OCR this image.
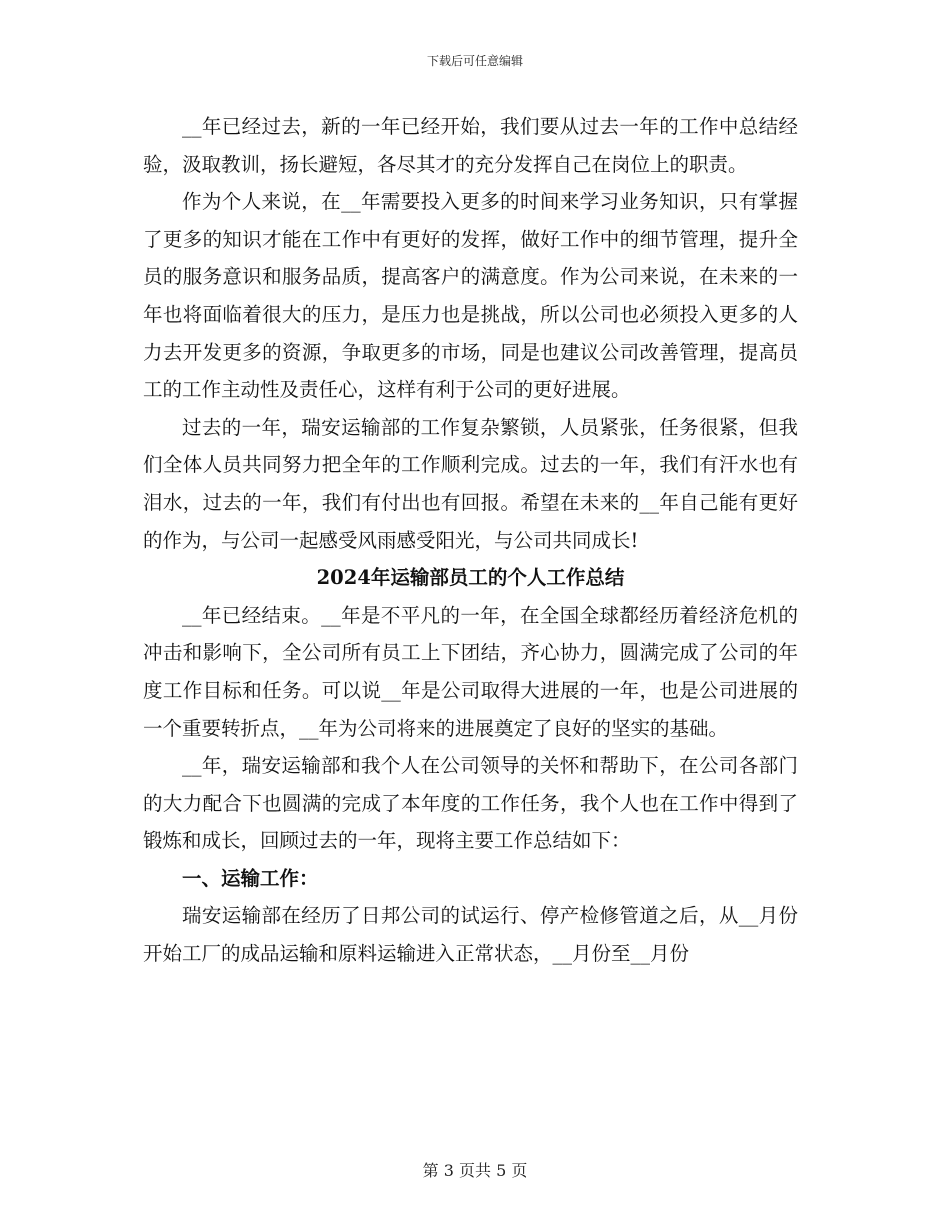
下载后可任意编辑

__年已经过去，新的一年已经开始，我们要从过去一年的工作中总结经验，汲取教训，扬长避短，各尽其才的充分发挥自己在岗位上的职责。

作为个人来说，在__年需要投入更多的时间来学习业务知识，只有掌握了更多的知识才能在工作中有更好的发挥，做好工作中的细节管理，提升全员的服务意识和服务品质，提高客户的满意度。作为公司来说，在未来的一年也将面临着很大的压力，是压力也是挑战，所以公司也必须投入更多的人力去开发更多的资源，争取更多的市场，同是也建议公司改善管理，提高员工的工作主动性及责任心，这样有利于公司的更好进展。

过去的一年，瑞安运输部的工作复杂繁锁，人员紧张，任务很紧，但我们全体人员共同努力把全年的工作顺利完成。过去的一年，我们有汗水也有泪水，过去的一年，我们有付出也有回报。希望在未来的__年自己能有更好的作为，与公司一起感受风雨感受阳光，与公司共同成长!

2024年运输部员工的个人工作总结

__年已经结束。__年是不平凡的一年，在全国全球都经历着经济危机的冲击和影响下，全公司所有员工上下团结，齐心协力，圆满完成了公司的年度工作目标和任务。可以说__年是公司取得大进展的一年，也是公司进展的一个重要转折点，__年为公司将来的进展奠定了良好的坚实的基础。

__年，瑞安运输部和我个人在公司领导的关怀和帮助下，在公司各部门的大力配合下也圆满的完成了本年度的工作任务，我个人也在工作中得到了锻炼和成长，回顾过去的一年，现将主要工作总结如下：

一、运输工作：

瑞安运输部在经历了日邦公司的试运行、停产检修管道之后，从__月份开始工厂的成品运输和原料运输进入正常状态，__月份至__月份

第 3 页共 5 页
